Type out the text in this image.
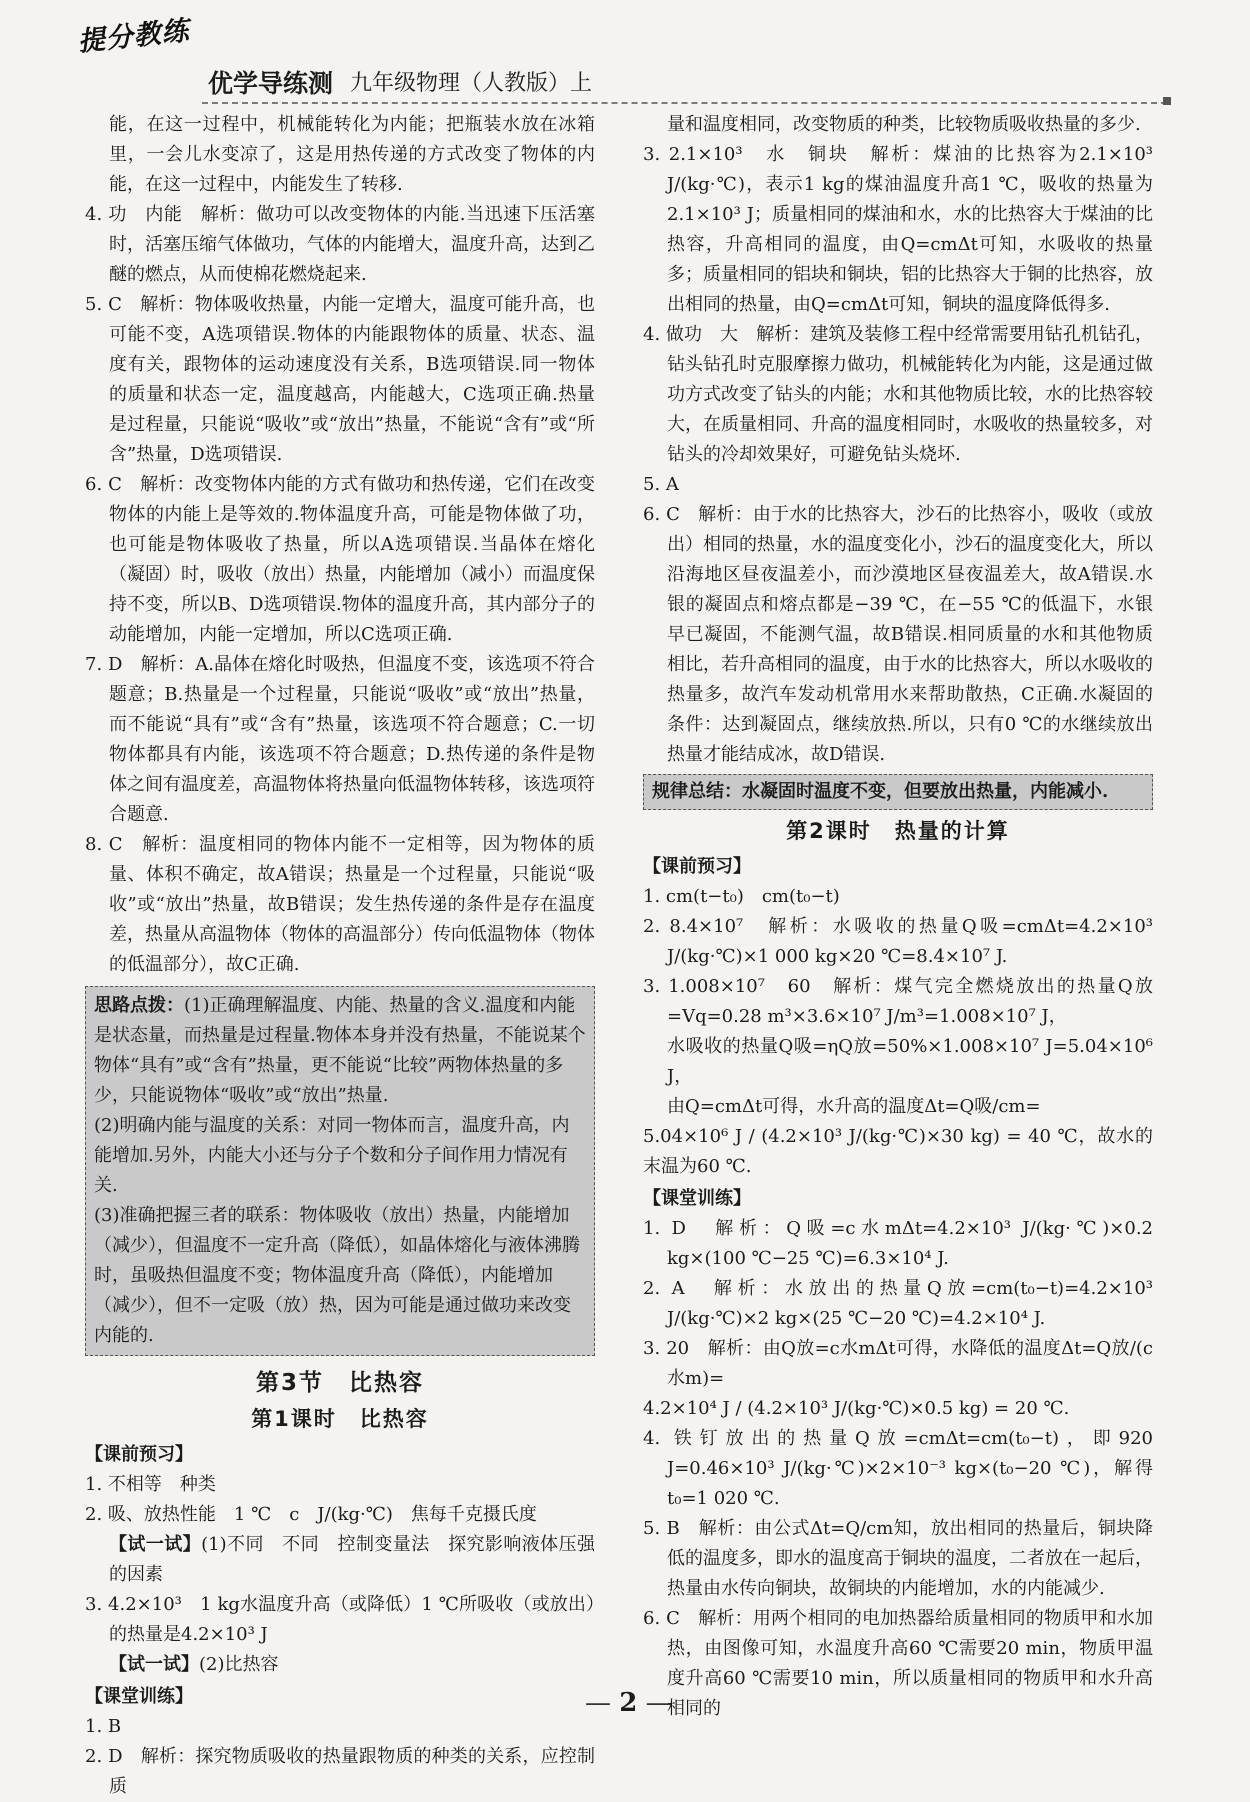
提分教练
优学导练测 九年级物理（人教版）上

能，在这一过程中，机械能转化为内能；把瓶装水放在冰箱里，一会儿水变凉了，这是用热传递的方式改变了物体的内能，在这一过程中，内能发生了转移.

4. 功　内能　解析：做功可以改变物体的内能.当迅速下压活塞时，活塞压缩气体做功，气体的内能增大，温度升高，达到乙醚的燃点，从而使棉花燃烧起来.

5. C　解析：物体吸收热量，内能一定增大，温度可能升高，也可能不变，A选项错误.物体的内能跟物体的质量、状态、温度有关，跟物体的运动速度没有关系，B选项错误.同一物体的质量和状态一定，温度越高，内能越大，C选项正确.热量是过程量，只能说“吸收”或“放出”热量，不能说“含有”或“所含”热量，D选项错误.

6. C　解析：改变物体内能的方式有做功和热传递，它们在改变物体的内能上是等效的.物体温度升高，可能是物体做了功，也可能是物体吸收了热量，所以A选项错误.当晶体在熔化（凝固）时，吸收（放出）热量，内能增加（减小）而温度保持不变，所以B、D选项错误.物体的温度升高，其内部分子的动能增加，内能一定增加，所以C选项正确.

7. D　解析：A.晶体在熔化时吸热，但温度不变，该选项不符合题意；B.热量是一个过程量，只能说“吸收”或“放出”热量，而不能说“具有”或“含有”热量，该选项不符合题意；C.一切物体都具有内能，该选项不符合题意；D.热传递的条件是物体之间有温度差，高温物体将热量向低温物体转移，该选项符合题意.

8. C　解析：温度相同的物体内能不一定相等，因为物体的质量、体积不确定，故A错误；热量是一个过程量，只能说“吸收”或“放出”热量，故B错误；发生热传递的条件是存在温度差，热量从高温物体（物体的高温部分）传向低温物体（物体的低温部分），故C正确.

思路点拨：(1)正确理解温度、内能、热量的含义.温度和内能是状态量，而热量是过程量.物体本身并没有热量，不能说某个物体“具有”或“含有”热量，更不能说“比较”两物体热量的多少，只能说物体“吸收”或“放出”热量.
(2)明确内能与温度的关系：对同一物体而言，温度升高，内能增加.另外，内能大小还与分子个数和分子间作用力情况有关.
(3)准确把握三者的联系：物体吸收（放出）热量，内能增加（减少），但温度不一定升高（降低），如晶体熔化与液体沸腾时，虽吸热但温度不变；物体温度升高（降低），内能增加（减少），但不一定吸（放）热，因为可能是通过做功来改变内能的.
第3节　比热容
第1课时　比热容
【课前预习】

1. 不相等　种类

2. 吸、放热性能　1 ℃　c　J/(kg·℃)　焦每千克摄氏度

【试一试】(1)不同　不同　控制变量法　探究影响液体压强的因素

3. 4.2×10³　1 kg水温度升高（或降低）1 ℃所吸收（或放出）的热量是4.2×10³ J

【试一试】(2)比热容

【课堂训练】

1. B

2. D　解析：探究物质吸收的热量跟物质的种类的关系，应控制质

量和温度相同，改变物质的种类，比较物质吸收热量的多少.

3. 2.1×10³　水　铜块　解析：煤油的比热容为2.1×10³ J/(kg·℃)，表示1 kg的煤油温度升高1 ℃，吸收的热量为2.1×10³ J；质量相同的煤油和水，水的比热容大于煤油的比热容，升高相同的温度，由Q=cmΔt可知，水吸收的热量多；质量相同的铝块和铜块，铝的比热容大于铜的比热容，放出相同的热量，由Q=cmΔt可知，铜块的温度降低得多.

4. 做功　大　解析：建筑及装修工程中经常需要用钻孔机钻孔，钻头钻孔时克服摩擦力做功，机械能转化为内能，这是通过做功方式改变了钻头的内能；水和其他物质比较，水的比热容较大，在质量相同、升高的温度相同时，水吸收的热量较多，对钻头的冷却效果好，可避免钻头烧坏.

5. A

6. C　解析：由于水的比热容大，沙石的比热容小，吸收（或放出）相同的热量，水的温度变化小，沙石的温度变化大，所以沿海地区昼夜温差小，而沙漠地区昼夜温差大，故A错误.水银的凝固点和熔点都是−39 ℃，在−55 ℃的低温下，水银早已凝固，不能测气温，故B错误.相同质量的水和其他物质相比，若升高相同的温度，由于水的比热容大，所以水吸收的热量多，故汽车发动机常用水来帮助散热，C正确.水凝固的条件：达到凝固点，继续放热.所以，只有0 ℃的水继续放出热量才能结成冰，故D错误.

规律总结：水凝固时温度不变，但要放出热量，内能减小.
第2课时　热量的计算
【课前预习】

1. cm(t−t₀)　cm(t₀−t)

2. 8.4×10⁷　解析：水吸收的热量Q吸=cmΔt=4.2×10³ J/(kg·℃)×1 000 kg×20 ℃=8.4×10⁷ J.

3. 1.008×10⁷　60　解析：煤气完全燃烧放出的热量Q放=Vq=0.28 m³×3.6×10⁷ J/m³=1.008×10⁷ J，

水吸收的热量Q吸=ηQ放=50%×1.008×10⁷ J=5.04×10⁶ J，

由Q=cmΔt可得，水升高的温度Δt=Q吸/cm=

5.04×10⁶ J / (4.2×10³ J/(kg·℃)×30 kg) = 40 ℃，故水的末温为60 ℃.

【课堂训练】

1. D　解析：Q吸=c水mΔt=4.2×10³ J/(kg·℃)×0.2 kg×(100 ℃−25 ℃)=6.3×10⁴ J.

2. A　解析：水放出的热量Q放=cm(t₀−t)=4.2×10³ J/(kg·℃)×2 kg×(25 ℃−20 ℃)=4.2×10⁴ J.

3. 20　解析：由Q放=c水mΔt可得，水降低的温度Δt=Q放/(c水m)=

4.2×10⁴ J / (4.2×10³ J/(kg·℃)×0.5 kg) = 20 ℃.

4. 铁钉放出的热量Q放=cmΔt=cm(t₀−t)，即920 J=0.46×10³ J/(kg·℃)×2×10⁻³ kg×(t₀−20 ℃)，解得t₀=1 020 ℃.

5. B　解析：由公式Δt=Q/cm知，放出相同的热量后，铜块降低的温度多，即水的温度高于铜块的温度，二者放在一起后，热量由水传向铜块，故铜块的内能增加，水的内能减少.

6. C　解析：用两个相同的电加热器给质量相同的物质甲和水加热，由图像可知，水温度升高60 ℃需要20 min，物质甲温度升高60 ℃需要10 min，所以质量相同的物质甲和水升高相同的

— 2 —
